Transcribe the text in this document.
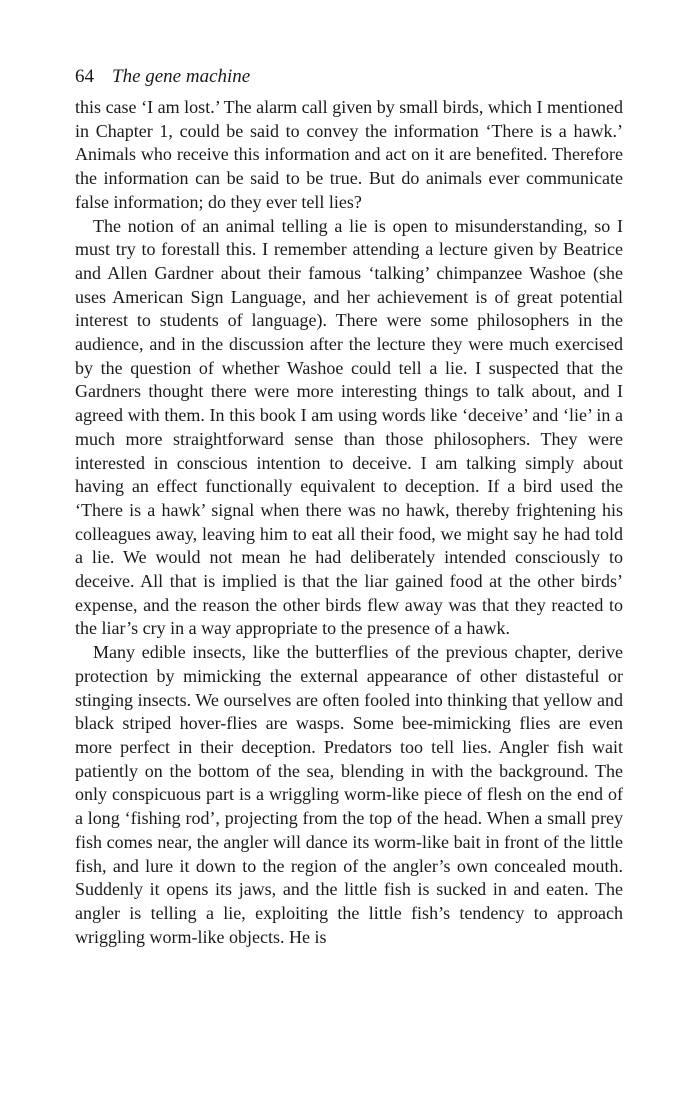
64 The gene machine

this case ‘I am lost.’ The alarm call given by small birds, which I mentioned in Chapter 1, could be said to convey the information ‘There is a hawk.’ Animals who receive this information and act on it are benefited. Therefore the information can be said to be true. But do animals ever communicate false information; do they ever tell lies?

The notion of an animal telling a lie is open to misunderstanding, so I must try to forestall this. I remember attending a lecture given by Beatrice and Allen Gardner about their famous ‘talking’ chimpanzee Washoe (she uses American Sign Language, and her achievement is of great potential interest to students of language). There were some philosophers in the audience, and in the discussion after the lecture they were much exercised by the question of whether Washoe could tell a lie. I suspected that the Gardners thought there were more interesting things to talk about, and I agreed with them. In this book I am using words like ‘deceive’ and ‘lie’ in a much more straightforward sense than those philosophers. They were interested in conscious intention to deceive. I am talking simply about having an effect functionally equivalent to deception. If a bird used the ‘There is a hawk’ signal when there was no hawk, thereby frightening his colleagues away, leaving him to eat all their food, we might say he had told a lie. We would not mean he had deliberately intended consciously to deceive. All that is implied is that the liar gained food at the other birds’ expense, and the reason the other birds flew away was that they reacted to the liar’s cry in a way appropriate to the presence of a hawk.

Many edible insects, like the butterflies of the previous chapter, derive protection by mimicking the external appearance of other distasteful or stinging insects. We ourselves are often fooled into thinking that yellow and black striped hover-flies are wasps. Some bee-mimicking flies are even more perfect in their deception. Predators too tell lies. Angler fish wait patiently on the bottom of the sea, blending in with the background. The only conspicuous part is a wriggling worm-like piece of flesh on the end of a long ‘fishing rod’, projecting from the top of the head. When a small prey fish comes near, the angler will dance its worm-like bait in front of the little fish, and lure it down to the region of the angler’s own concealed mouth. Suddenly it opens its jaws, and the little fish is sucked in and eaten. The angler is telling a lie, exploiting the little fish’s tendency to approach wriggling worm-like objects. He is
